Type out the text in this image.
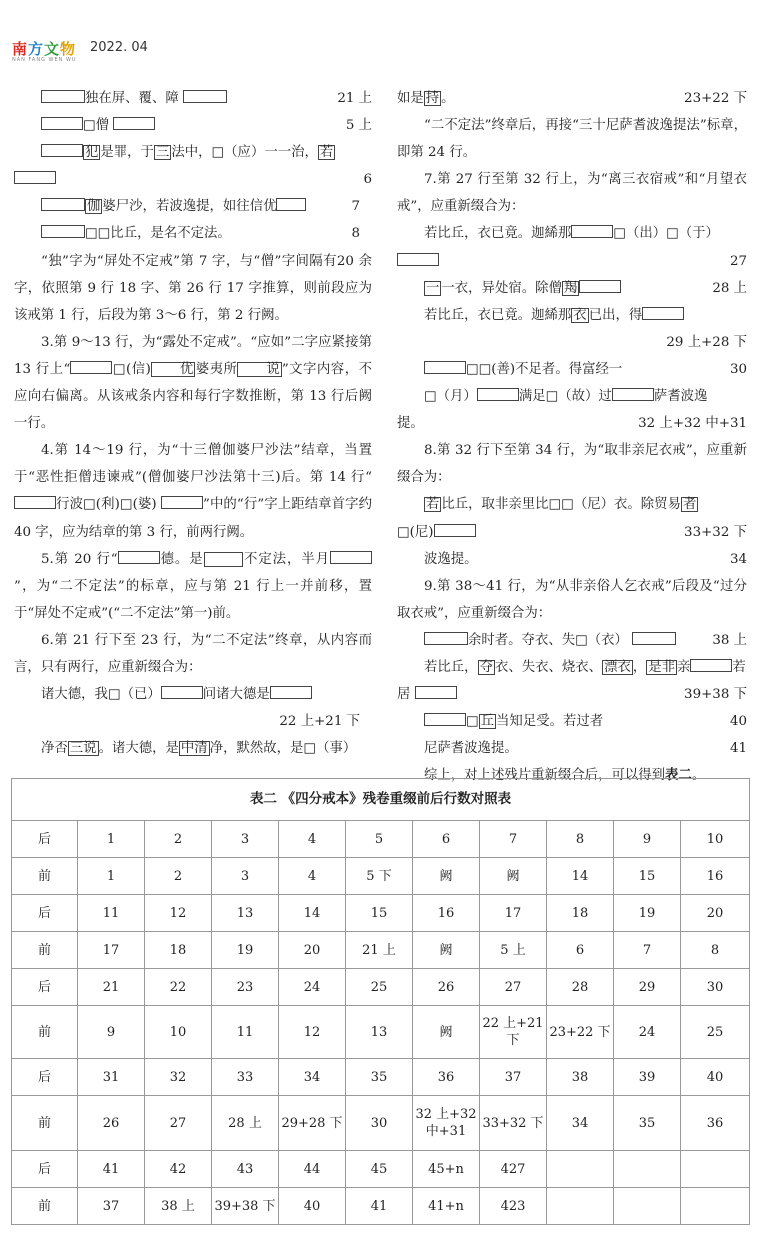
南方文物
NAN FANG WEN WU
2022. 04
独在屏、覆、障	21 上
□僧	5 上
犯 是罪，于 三 法中，□（应）一一治， 若
6
伽 婆尸沙，若波逸提，如往信优	7
□□比丘，是名不定法。	8
“独”字为“屏处不定戒”第 7 字，与“僧”字间隔有20 余字，依照第 9 行 18 字、第 26 行 17 字推算，则前段应为该戒第 1 行，后段为第 3～6 行，第 2 行阙。
3.第 9～13 行，为“露处不定戒”。“应如”二字应紧接第 13 行上“	□(信) 优 婆夷所 说 ”文字内容，不应向右偏离。从该戒条内容和每行字数推断，第 13 行后阙一行。
4.第 14～19 行，为“十三僧伽婆尸沙法”结章，当置于“恶性拒僧违谏戒”(僧伽婆尸沙法第十三)后。第 14 行“行波□(利)□(婆)	”中的“行”字上距结章首字约 40 字，应为结章的第 3 行，前两行阙。
5.第 20 行“	德。是 ​  不定法，半月”，为“二不定法”的标章，应与第 21 行上一并前移，置于“屏处不定戒”(“二不定法”第一)前。
6.第 21 行下至 23 行，为“二不定法”终章，从内容而言，只有两行，应重新缀合为：
诸大德，我□（已）	问诸大德是
22 上+21 下
净否 三说 。诸大德，是 中清 净，默然故，是□（事）
如是 持 。	23+22 下
“二不定法”终章后，再接“三十尼萨耆波逸提法”标章，即第 24 行。
7.第 27 行至第 32 行上，为“离三衣宿戒”和“月望衣戒”，应重新缀合为：
若比丘，衣已竟。迦絺那	□（出）□（于）
27
一 一衣，异处宿。除僧 羯	28 上
若比丘，衣已竟。迦絺那 衣 已出，得
29 上+28 下
□□(善)不足者。得富经一	30
□（月）	满足□（故）过	萨耆波逸
提。	32 上+32 中+31
8.第 32 行下至第 34 行，为“取非亲尼衣戒”，应重新缀合为：
若 比丘，取非亲里比□□（尼）衣。除贸易 者
□(尼)	33+32 下
波逸提。	34
9.第 38～41 行，为“从非亲俗人乞衣戒”后段及“过分取衣戒”，应重新缀合为：
余时者。夺衣、失□（衣）	38 上
若比丘， 夺 衣、失衣、烧衣、 漂衣 ， 是非 亲	若
居	39+38 下
□ 丘 当知足受。若过者	40
尼萨耆波逸提。	41
综上，对上述残片重新缀合后，可以得到表二。
表二 《四分戒本》残卷重缀前后行数对照表										
后	1	2	3	4	5	6	7	8	9	10
前	1	2	3	4	5 下	阙	阙	14	15	16
后	11	12	13	14	15	16	17	18	19	20
前	17	18	19	20	21 上	阙	5 上	6	7	8
后	21	22	23	24	25	26	27	28	29	30
前	9	10	11	12	13	阙	22 上+21 下	23+22 下	24	25
后	31	32	33	34	35	36	37	38	39	40
前	26	27	28 上	29+28 下	30	32 上+32 中+31	33+32 下	34	35	36
后	41	42	43	44	45	45+n	427			
前	37	38 上	39+38 下	40	41	41+n	423			
